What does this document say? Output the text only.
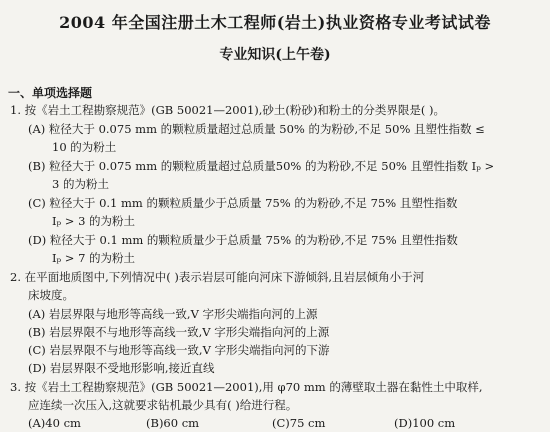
2004 年全国注册土木工程师(岩土)执业资格专业考试试卷
专业知识(上午卷)
一、单项选择题
1. 按《岩土工程勘察规范》(GB 50021—2001),砂土(粉砂)和粉土的分类界限是( )。
(A) 粒径大于 0.075 mm 的颗粒质量超过总质量 50% 的为粉砂,不足 50% 且塑性指数 ≤
10 的为粉土
(B) 粒径大于 0.075 mm 的颗粒质量超过总质量50% 的为粉砂,不足 50% 且塑性指数 Iₚ >
3 的为粉土
(C) 粒径大于 0.1 mm 的颗粒质量少于总质量 75% 的为粉砂,不足 75% 且塑性指数
Iₚ > 3 的为粉土
(D) 粒径大于 0.1 mm 的颗粒质量少于总质量 75% 的为粉砂,不足 75% 且塑性指数
Iₚ > 7 的为粉土
2. 在平面地质图中,下列情况中( )表示岩层可能向河床下游倾斜,且岩层倾角小于河
床坡度。
(A) 岩层界限与地形等高线一致,V 字形尖端指向河的上源
(B) 岩层界限不与地形等高线一致,V 字形尖端指向河的上源
(C) 岩层界限不与地形等高线一致,V 字形尖端指向河的下游
(D) 岩层界限不受地形影响,接近直线
3. 按《岩土工程勘察规范》(GB 50021—2001),用 φ70 mm 的薄壁取土器在黏性土中取样,
应连续一次压入,这就要求钻机最少具有( )给进行程。
(A)40 cm	(B)60 cm	(C)75 cm	(D)100 cm
